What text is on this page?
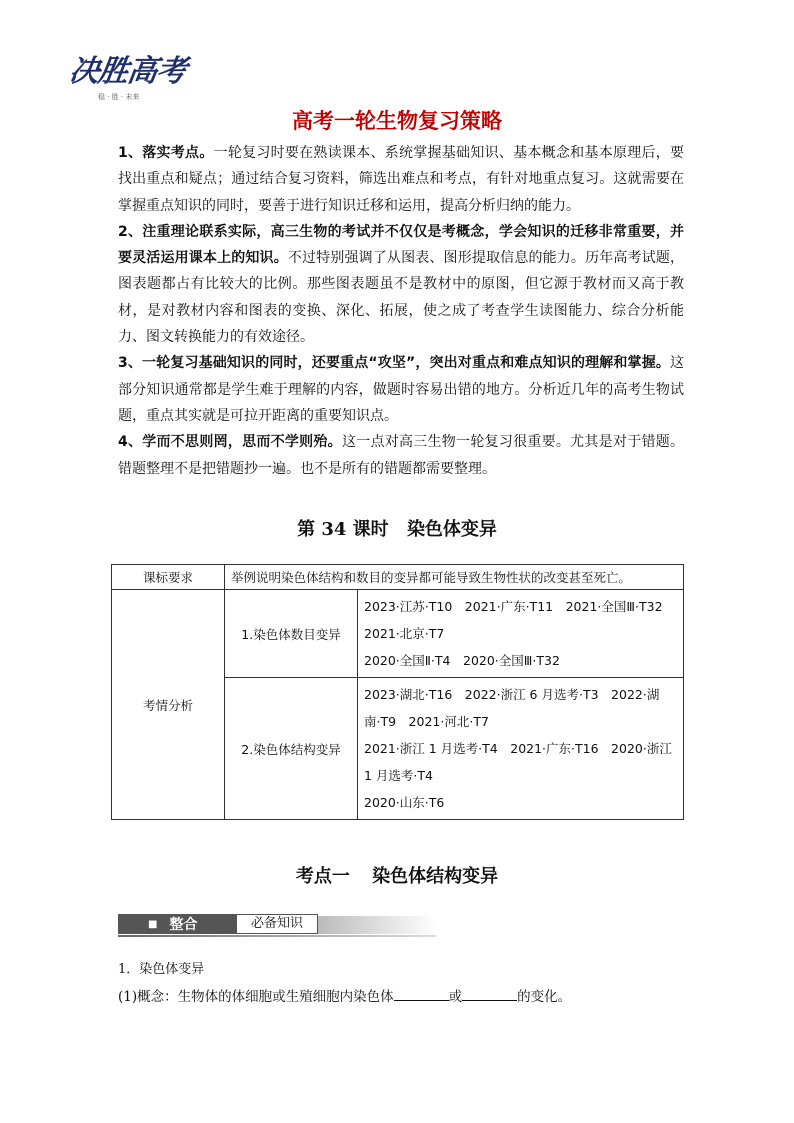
决胜高考
稳 · 胜 · 未来
高考一轮生物复习策略

1、落实考点。一轮复习时要在熟读课本、系统掌握基础知识、基本概念和基本原理后，要找出重点和疑点；通过结合复习资料，筛选出难点和考点，有针对地重点复习。这就需要在掌握重点知识的同时，要善于进行知识迁移和运用，提高分析归纳的能力。

2、注重理论联系实际，高三生物的考试并不仅仅是考概念，学会知识的迁移非常重要，并要灵活运用课本上的知识。不过特别强调了从图表、图形提取信息的能力。历年高考试题，图表题都占有比较大的比例。那些图表题虽不是教材中的原图，但它源于教材而又高于教材，是对教材内容和图表的变换、深化、拓展，使之成了考查学生读图能力、综合分析能力、图文转换能力的有效途径。

3、一轮复习基础知识的同时，还要重点“攻坚”，突出对重点和难点知识的理解和掌握。这部分知识通常都是学生难于理解的内容，做题时容易出错的地方。分析近几年的高考生物试题，重点其实就是可拉开距离的重要知识点。

4、学而不思则罔，思而不学则殆。这一点对高三生物一轮复习很重要。尤其是对于错题。错题整理不是把错题抄一遍。也不是所有的错题都需要整理。

第 34 课时 染色体变异
课标要求	举例说明染色体结构和数目的变异都可能导致生物性状的改变甚至死亡。	
考情分析	1.染色体数目变异	2023·江苏·T10　2021·广东·T11　2021·全国Ⅲ·T32
2021·北京·T7
2020·全国Ⅱ·T4　2020·全国Ⅲ·T32

	2.染色体结构变异	2023·湖北·T16　2022·浙江 6 月选考·T3　2022·湖
南·T9　2021·河北·T7
2021·浙江 1 月选考·T4　2021·广东·T16　2020·浙江
1 月选考·T4
2020·山东·T6
考点一 染色体结构变异
■ 整合	必备知识
1．染色体变异
(1)概念：生物体的体细胞或生殖细胞内染色体	或	的变化。
